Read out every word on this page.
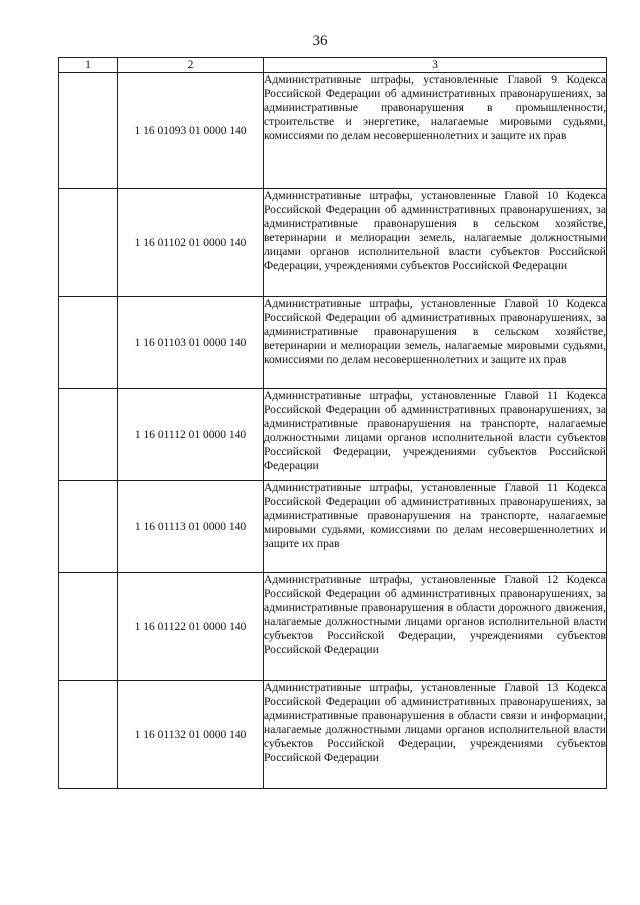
36
1	2	3
	1 16 01093 01 0000 140	Административные штрафы, установленные Главой 9 Кодекса Российской Федерации об административных правонарушениях, за административные правонарушения в промышленности, строительстве и энергетике, налагаемые мировыми судьями, комиссиями по делам несовершеннолетних и защите их прав
	1 16 01102 01 0000 140	Административные штрафы, установленные Главой 10 Кодекса Российской Федерации об административных правонарушениях, за административные правонарушения в сельском хозяйстве, ветеринарии и мелиорации земель, налагаемые должностными лицами органов исполнительной власти субъектов Российской Федерации, учреждениями субъектов Российской Федерации
	1 16 01103 01 0000 140	Административные штрафы, установленные Главой 10 Кодекса Российской Федерации об административных правонарушениях, за административные правонарушения в сельском хозяйстве, ветеринарии и мелиорации земель, налагаемые мировыми судьями, комиссиями по делам несовершеннолетних и защите их прав
	1 16 01112 01 0000 140	Административные штрафы, установленные Главой 11 Кодекса Российской Федерации об административных правонарушениях, за административные правонарушения на транспорте, налагаемые должностными лицами органов исполнительной власти субъектов Российской Федерации, учреждениями субъектов Российской Федерации
	1 16 01113 01 0000 140	Административные штрафы, установленные Главой 11 Кодекса Российской Федерации об административных правонарушениях, за административные правонарушения на транспорте, налагаемые мировыми судьями, комиссиями по делам несовершеннолетних и защите их прав
	1 16 01122 01 0000 140	Административные штрафы, установленные Главой 12 Кодекса Российской Федерации об административных правонарушениях, за административные правонарушения в области дорожного движения, налагаемые должностными лицами органов исполнительной власти субъектов Российской Федерации, учреждениями субъектов Российской Федерации
	1 16 01132 01 0000 140	Административные штрафы, установленные Главой 13 Кодекса Российской Федерации об административных правонарушениях, за административные правонарушения в области связи и информации, налагаемые должностными лицами органов исполнительной власти субъектов Российской Федерации, учреждениями субъектов Российской Федерации
